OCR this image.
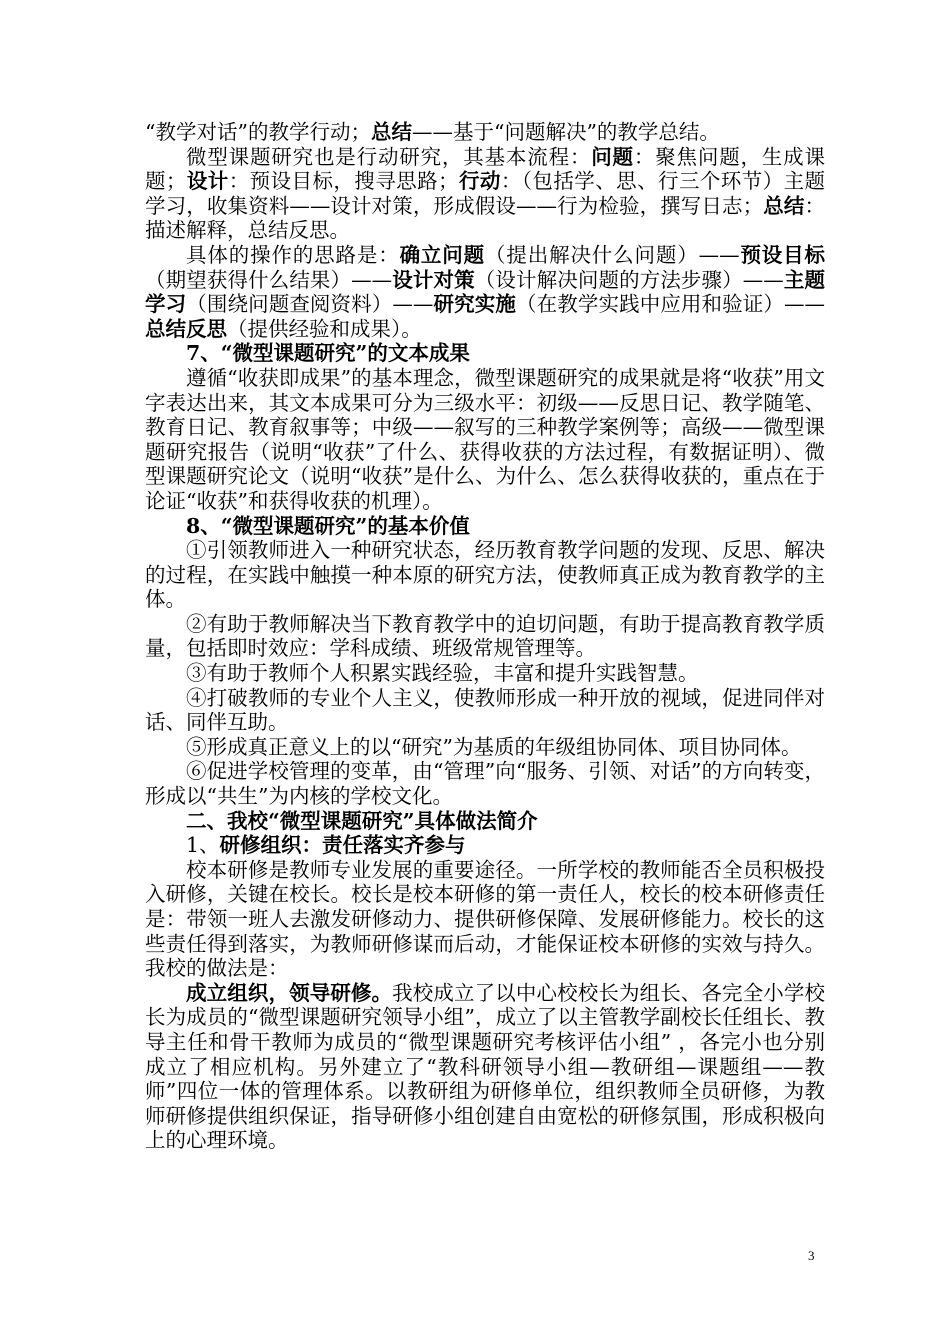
“教学对话”的教学行动；总结——基于“问题解决”的教学总结。

微型课题研究也是行动研究，其基本流程：问题：聚焦问题，生成课题；设计：预设目标，搜寻思路；行动：（包括学、思、行三个环节）主题学习，收集资料——设计对策，形成假设——行为检验，撰写日志；总结：描述解释，总结反思。

具体的操作的思路是：确立问题（提出解决什么问题）——预设目标（期望获得什么结果）——设计对策（设计解决问题的方法步骤）——主题学习（围绕问题查阅资料）——研究实施（在教学实践中应用和验证）——总结反思（提供经验和成果）。

7、“微型课题研究”的文本成果

遵循“收获即成果”的基本理念，微型课题研究的成果就是将“收获”用文字表达出来，其文本成果可分为三级水平：初级——反思日记、教学随笔、教育日记、教育叙事等；中级——叙写的三种教学案例等；高级——微型课题研究报告（说明“收获”了什么、获得收获的方法过程，有数据证明）、微型课题研究论文（说明“收获”是什么、为什么、怎么获得收获的，重点在于论证“收获”和获得收获的机理）。

8、“微型课题研究”的基本价值

①引领教师进入一种研究状态，经历教育教学问题的发现、反思、解决的过程，在实践中触摸一种本原的研究方法，使教师真正成为教育教学的主体。

②有助于教师解决当下教育教学中的迫切问题，有助于提高教育教学质量，包括即时效应：学科成绩、班级常规管理等。

③有助于教师个人积累实践经验，丰富和提升实践智慧。

④打破教师的专业个人主义，使教师形成一种开放的视域，促进同伴对话、同伴互助。

⑤形成真正意义上的以“研究”为基质的年级组协同体、项目协同体。

⑥促进学校管理的变革，由“管理”向“服务、引领、对话”的方向转变，形成以“共生”为内核的学校文化。

二、我校“微型课题研究”具体做法简介

1、研修组织：责任落实齐参与

校本研修是教师专业发展的重要途径。一所学校的教师能否全员积极投入研修，关键在校长。校长是校本研修的第一责任人，校长的校本研修责任是：带领一班人去激发研修动力、提供研修保障、发展研修能力。校长的这些责任得到落实，为教师研修谋而后动，才能保证校本研修的实效与持久。我校的做法是：

成立组织，领导研修。我校成立了以中心校校长为组长、各完全小学校长为成员的“微型课题研究领导小组”，成立了以主管教学副校长任组长、教导主任和骨干教师为成员的“微型课题研究考核评估小组” ，各完小也分别成立了相应机构。另外建立了“教科研领导小组—教研组—课题组——教师”四位一体的管理体系。以教研组为研修单位，组织教师全员研修，为教师研修提供组织保证，指导研修小组创建自由宽松的研修氛围，形成积极向上的心理环境。

3
